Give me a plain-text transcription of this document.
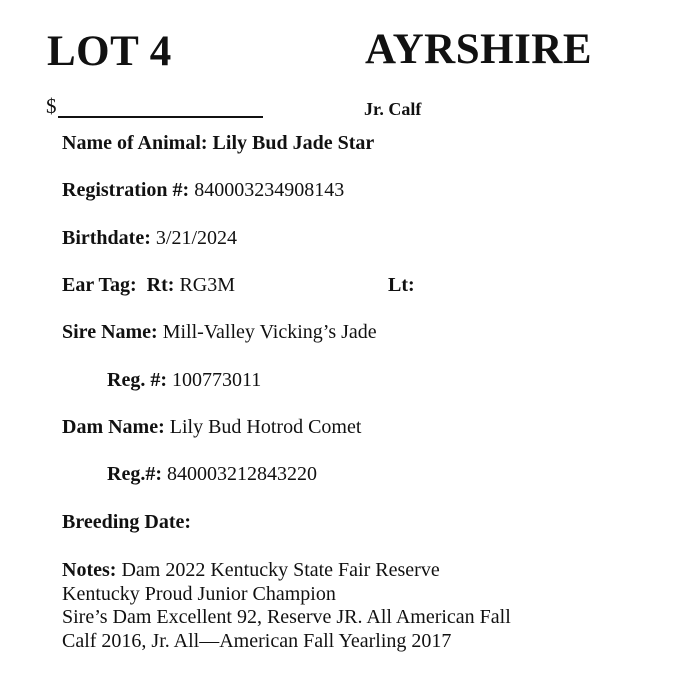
LOT 4	AYRSHIRE
$	Jr. Calf
Name of Animal: Lily Bud Jade Star
Registration #: 840003234908143
Birthdate: 3/21/2024
Ear Tag: Rt: RG3M	Lt:
Sire Name: Mill-Valley Vicking’s Jade
Reg. #: 100773011
Dam Name: Lily Bud Hotrod Comet
Reg.#: 840003212843220
Breeding Date:
Notes: Dam 2022 Kentucky State Fair Reserve
Kentucky Proud Junior Champion
Sire’s Dam Excellent 92, Reserve JR. All American Fall
Calf 2016, Jr. All—American Fall Yearling 2017
